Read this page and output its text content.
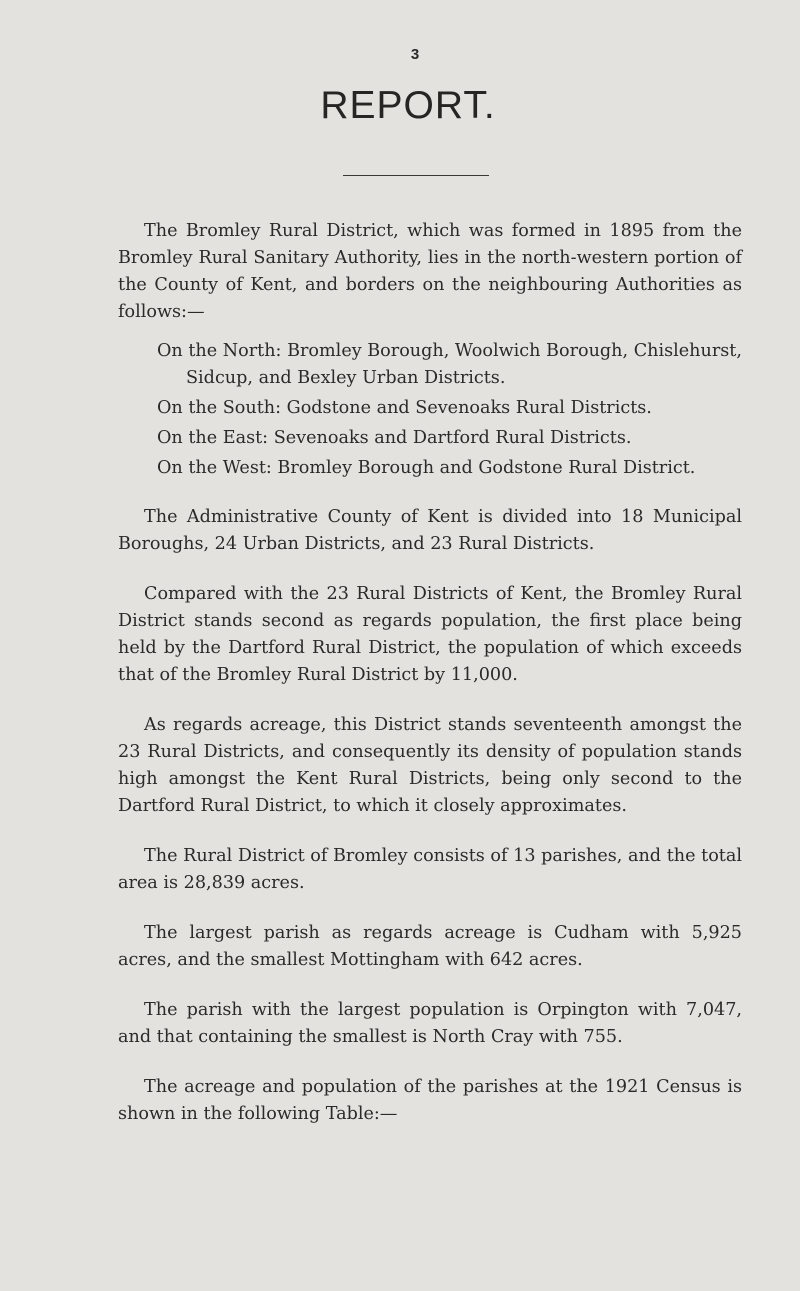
3
REPORT.

The Bromley Rural District, which was formed in 1895 from the Bromley Rural Sanitary Authority, lies in the north-western portion of the County of Kent, and borders on the neighbouring Authorities as follows:—

On the North: Bromley Borough, Woolwich Borough, Chislehurst, Sidcup, and Bexley Urban Districts.
On the South: Godstone and Sevenoaks Rural Districts.
On the East: Sevenoaks and Dartford Rural Districts.
On the West: Bromley Borough and Godstone Rural District.

The Administrative County of Kent is divided into 18 Municipal Boroughs, 24 Urban Districts, and 23 Rural Districts.

Compared with the 23 Rural Districts of Kent, the Bromley Rural District stands second as regards population, the first place being held by the Dartford Rural District, the population of which exceeds that of the Bromley Rural District by 11,000.

As regards acreage, this District stands seventeenth amongst the 23 Rural Districts, and consequently its density of population stands high amongst the Kent Rural Districts, being only second to the Dartford Rural District, to which it closely approximates.

The Rural District of Bromley consists of 13 parishes, and the total area is 28,839 acres.

The largest parish as regards acreage is Cudham with 5,925 acres, and the smallest Mottingham with 642 acres.

The parish with the largest population is Orpington with 7,047, and that containing the smallest is North Cray with 755.

The acreage and population of the parishes at the 1921 Census is shown in the following Table:—
